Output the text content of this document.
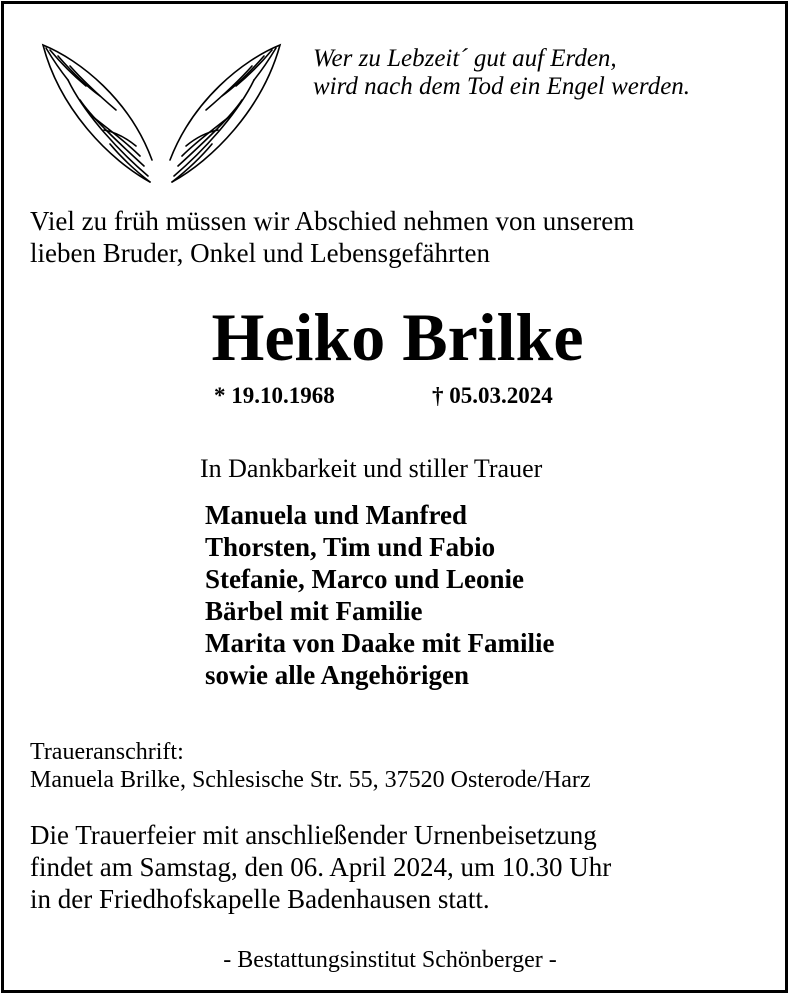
Wer zu Lebzeit´ gut auf Erden,
wird nach dem Tod ein Engel werden.
Viel zu früh müssen wir Abschied nehmen von unserem
lieben Bruder, Onkel und Lebensgefährten
Heiko Brilke
* 19.10.1968	† 05.03.2024
In Dankbarkeit und stiller Trauer
Manuela und Manfred
Thorsten, Tim und Fabio
Stefanie, Marco und Leonie
Bärbel mit Familie
Marita von Daake mit Familie
sowie alle Angehörigen
Traueranschrift:
Manuela Brilke, Schlesische Str. 55, 37520 Osterode/Harz
Die Trauerfeier mit anschließender Urnenbeisetzung
findet am Samstag, den 06. April 2024, um 10.30 Uhr
in der Friedhofskapelle Badenhausen statt.
- Bestattungsinstitut Schönberger -
